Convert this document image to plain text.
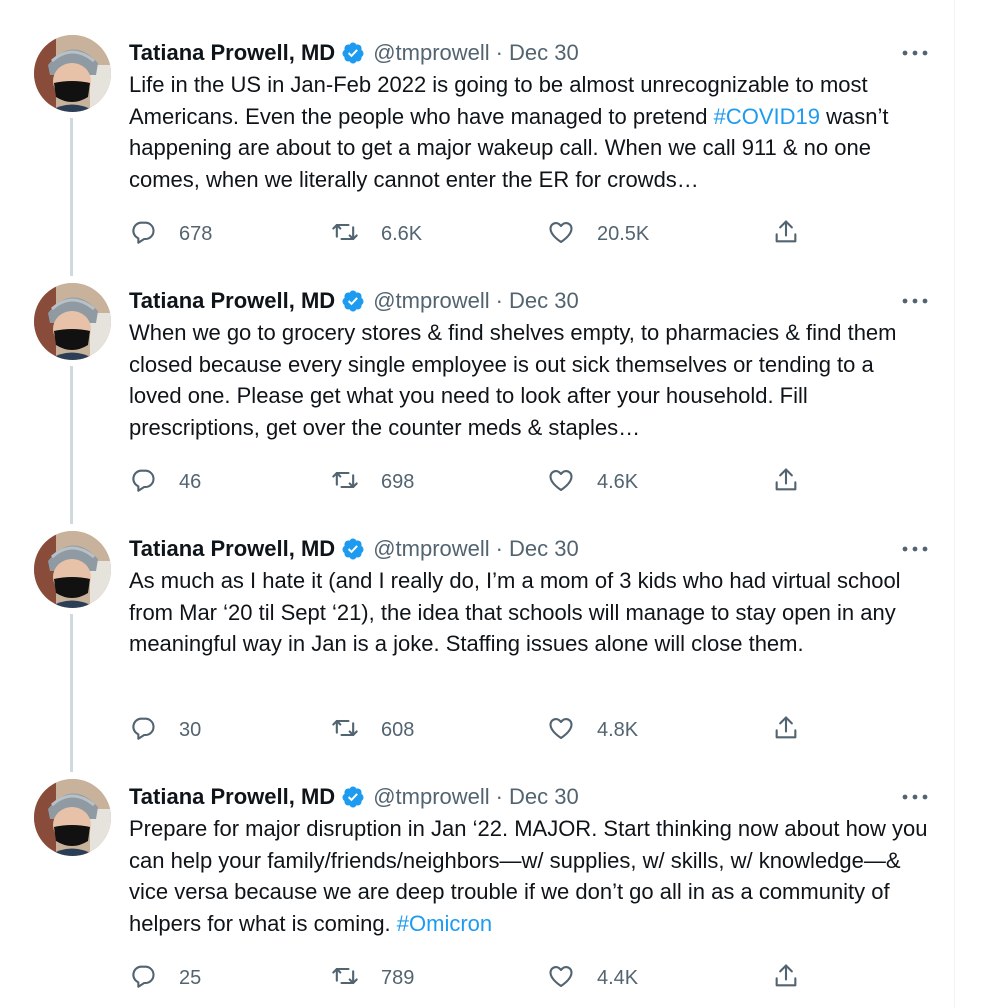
Tatiana Prowell, MD @tmprowell · Dec 30
Life in the US in Jan-Feb 2022 is going to be almost unrecognizable to most Americans. Even the people who have managed to pretend #COVID19 wasn’t happening are about to get a major wakeup call. When we call 911 & no one comes, when we literally cannot enter the ER for crowds…
678	6.6K	20.5K
Tatiana Prowell, MD @tmprowell · Dec 30
When we go to grocery stores & find shelves empty, to pharmacies & find them closed because every single employee is out sick themselves or tending to a loved one. Please get what you need to look after your household. Fill prescriptions, get over the counter meds & staples…
46	698	4.6K
Tatiana Prowell, MD @tmprowell · Dec 30
As much as I hate it (and I really do, I’m a mom of 3 kids who had virtual school from Mar ‘20 til Sept ‘21), the idea that schools will manage to stay open in any meaningful way in Jan is a joke. Staffing issues alone will close them.
30	608	4.8K
Tatiana Prowell, MD @tmprowell · Dec 30
Prepare for major disruption in Jan ‘22. MAJOR. Start thinking now about how you can help your family/friends/neighbors—w/ supplies, w/ skills, w/ knowledge—& vice versa because we are deep trouble if we don’t go all in as a community of helpers for what is coming. #Omicron
25	789	4.4K
